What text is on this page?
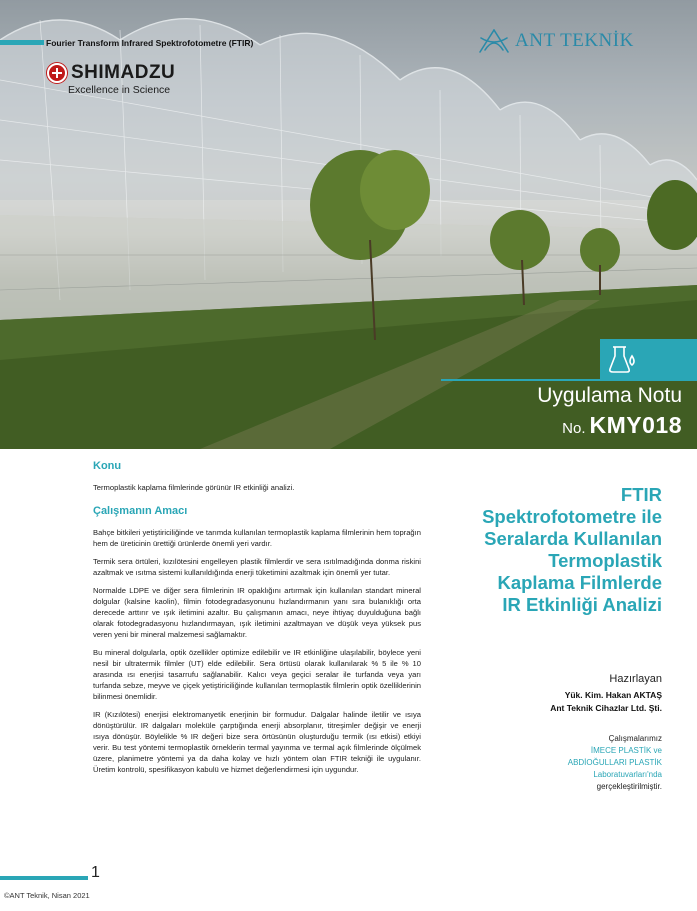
Fourier Transform Infrared Spektrofotometre (FTIR)
SHIMADZU
Excellence in Science
ANT TEKNİK
Uygulama Notu
No. KMY018
Konu
Termoplastik kaplama filmlerinde görünür IR etkinliği analizi.
Çalışmanın Amacı
Bahçe bitkileri yetiştiriciliğinde ve tarımda kullanılan termoplastik kaplama filmlerinin hem toprağın hem de üreticinin ürettiği ürünlerde önemli yeri vardır.
Termik sera örtüleri, kızılötesini engelleyen plastik filmlerdir ve sera ısıtılmadığında donma riskini azaltmak ve ısıtma sistemi kullanıldığında enerji tüketimini azaltmak için önemli yer tutar.
Normalde LDPE ve diğer sera filmlerinin IR opaklığını artırmak için kullanılan standart mineral dolgular (kalsine kaolin), filmin fotodegradasyonunu hızlandırmanın yanı sıra bulanıklığı orta derecede arttırır ve ışık iletimini azaltır. Bu çalışmanın amacı, neye ihtiyaç duyulduğuna bağlı olarak fotodegradasyonu hızlandırmayan, ışık iletimini azaltmayan ve düşük veya yüksek pus veren yeni bir mineral malzemesi sağlamaktır.
Bu mineral dolgularla, optik özellikler optimize edilebilir ve IR etkinliğine ulaşılabilir, böylece yeni nesil bir ultratermik filmler (UT) elde edilebilir. Sera örtüsü olarak kullanılarak % 5 ile % 10 arasında ısı enerjisi tasarrufu sağlanabilir. Kalıcı veya geçici seralar ile turfanda veya yarı turfanda sebze, meyve ve çiçek yetiştiriciliğinde kullanılan termoplastik filmlerin optik özelliklerinin bilinmesi önemlidir.
IR (Kızılötesi) enerjisi elektromanyetik enerjinin bir formudur. Dalgalar halinde iletilir ve ısıya dönüştürülür. IR dalgaları moleküle çarptığında enerji absorplanır, titreşimler değişir ve enerji ısıya dönüşür. Böylelikle % IR değeri bize sera örtüsünün oluşturduğu termik (ısı etkisi) etkiyi verir. Bu test yöntemi termoplastik örneklerin termal yayınma ve termal açık filmlerinde ölçülmek üzere, planimetre yöntemi ya da daha kolay ve hızlı yöntem olan FTIR tekniği ile uygulanır. Üretim kontrolü, spesifikasyon kabulü ve hizmet değerlendirmesi için uygundur.
FTIR
Spektrofotometre ile
Seralarda Kullanılan
Termoplastik
Kaplama Filmlerde
IR Etkinliği Analizi
Hazırlayan
Yük. Kim. Hakan AKTAŞ
Ant Teknik Cihazlar Ltd. Şti.
Çalışmalarımız
İMECE PLASTİK ve
ABDİOĞULLARI PLASTİK
Laboratuvarları'nda
gerçekleştirilmiştir.
1
©ANT Teknik, Nisan 2021
